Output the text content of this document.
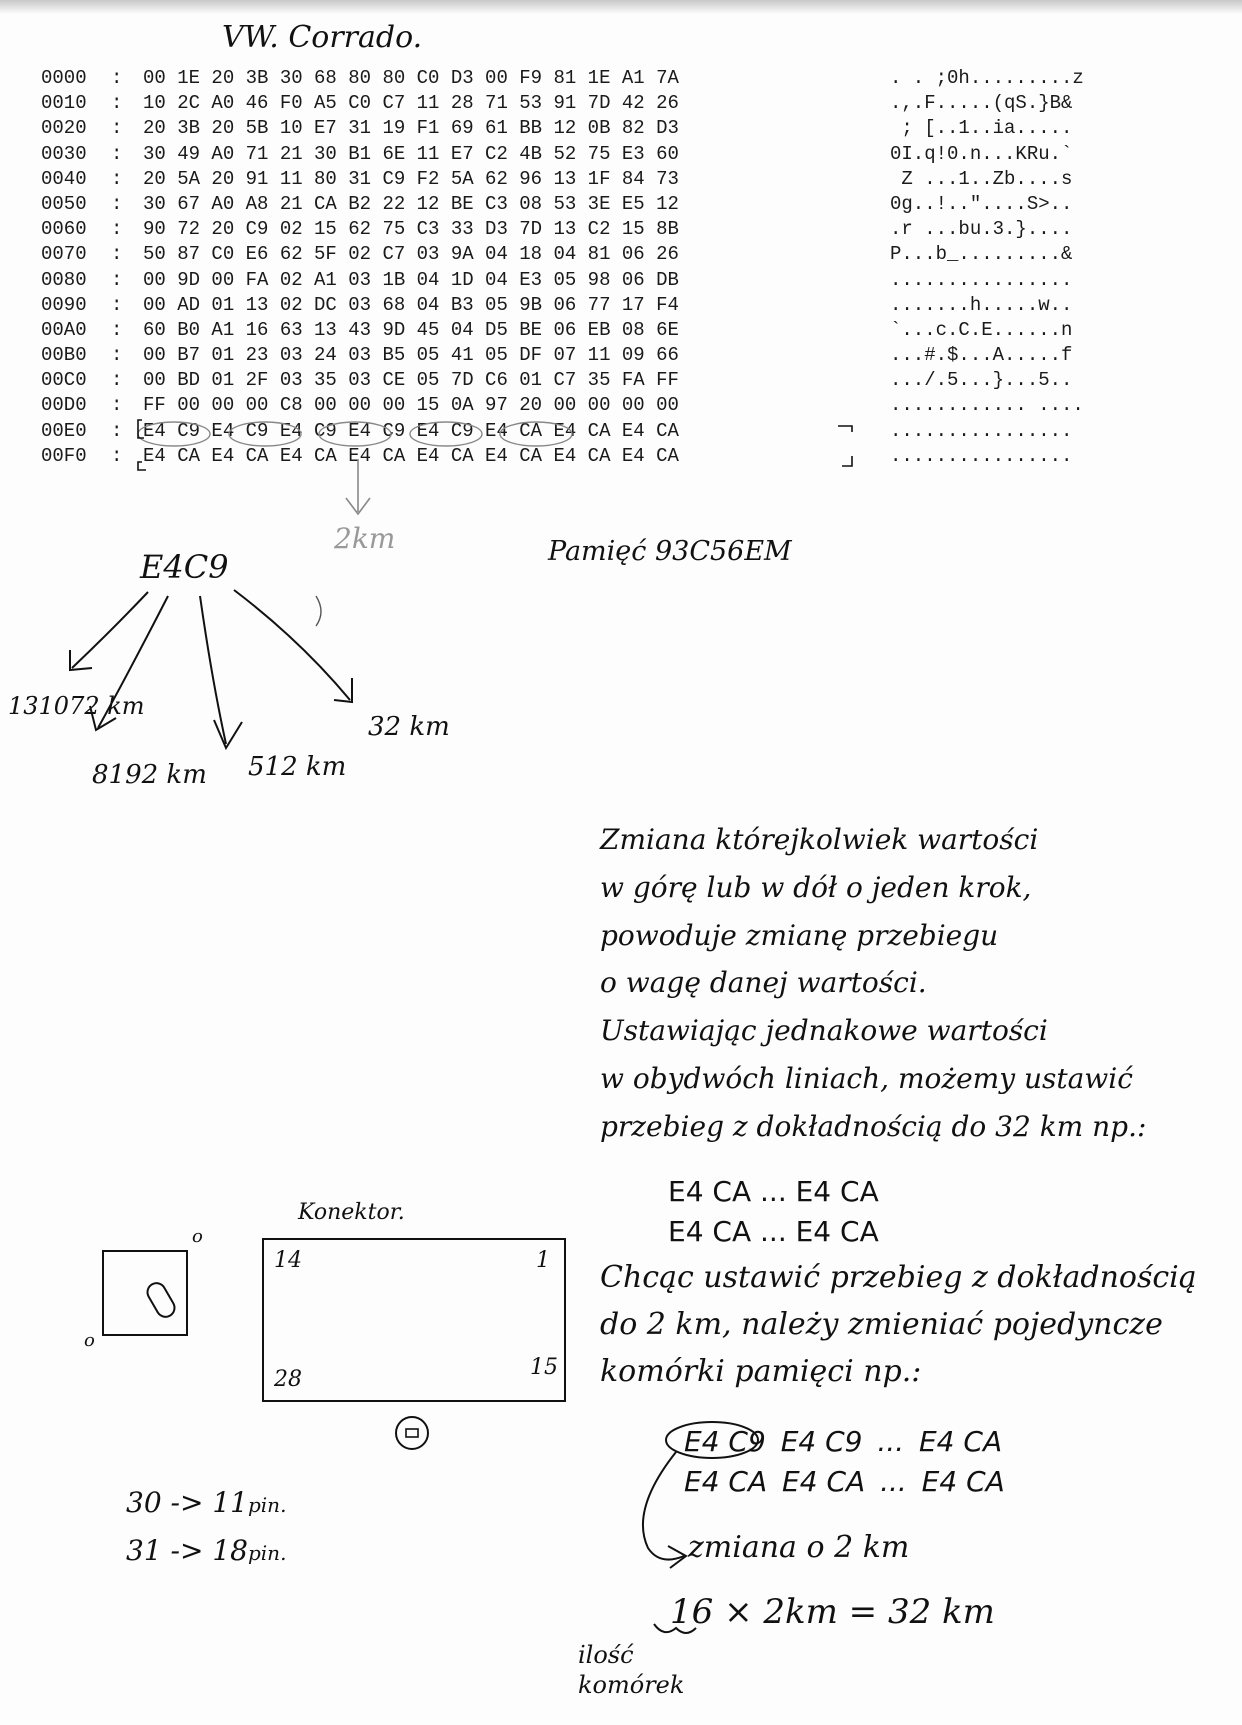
VW. Corrado.
0000 : 00 1E 20 3B 30 68 80 80 C0 D3 00 F9 81 1E A1 7A	. . ;0h.........z
0010 : 10 2C A0 46 F0 A5 C0 C7 11 28 71 53 91 7D 42 26	.,.F.....(qS.}B&
0020 : 20 3B 20 5B 10 E7 31 19 F1 69 61 BB 12 0B 82 D3	; [..1..ia.....
0030 : 30 49 A0 71 21 30 B1 6E 11 E7 C2 4B 52 75 E3 60	0I.q!0.n...KRu.`
0040 : 20 5A 20 91 11 80 31 C9 F2 5A 62 96 13 1F 84 73	Z ...1..Zb....s
0050 : 30 67 A0 A8 21 CA B2 22 12 BE C3 08 53 3E E5 12	0g..!.."....S>..
0060 : 90 72 20 C9 02 15 62 75 C3 33 D3 7D 13 C2 15 8B	.r ...bu.3.}....
0070 : 50 87 C0 E6 62 5F 02 C7 03 9A 04 18 04 81 06 26	P...b_.........&
0080 : 00 9D 00 FA 02 A1 03 1B 04 1D 04 E3 05 98 06 DB	................
0090 : 00 AD 01 13 02 DC 03 68 04 B3 05 9B 06 77 17 F4	.......h.....w..
00A0 : 60 B0 A1 16 63 13 43 9D 45 04 D5 BE 06 EB 08 6E	`...c.C.E......n
00B0 : 00 B7 01 23 03 24 03 B5 05 41 05 DF 07 11 09 66	...#.$...A.....f
00C0 : 00 BD 01 2F 03 35 03 CE 05 7D C6 01 C7 35 FA FF	.../.5...}...5..
00D0 : FF 00 00 00 C8 00 00 00 15 0A 97 20 00 00 00 00	............ ....
00E0 : E4 C9 E4 C9 E4 C9 E4 C9 E4 C9 E4 CA E4 CA E4 CA	................
00F0 : E4 CA E4 CA E4 CA E4 CA E4 CA E4 CA E4 CA E4 CA	................
2km	Pamięć 93C56EM
E4C9
131072 km
8192 km 512 km
32 km
Zmiana którejkolwiek wartości
w górę lub w dół o jeden krok,
powoduje zmianę przebiegu
o wagę danej wartości.
Ustawiając jednakowe wartości
w obydwóch liniach, możemy ustawić
przebieg z dokładnością do 32 km np.:
E4 CA ... E4 CA
E4 CA ... E4 CA
Chcąc ustawić przebieg z dokładnością
do 2 km, należy zmieniać pojedyncze
komórki pamięci np.:
E4 C9 E4 C9 ... E4 CA
E4 CA E4 CA ... E4 CA
zmiana o 2 km
16 × 2km = 32 km
ilość
komórek
Konektor.
14	1
28	15
o
o
30 -> 11pin.
31 -> 18pin.
